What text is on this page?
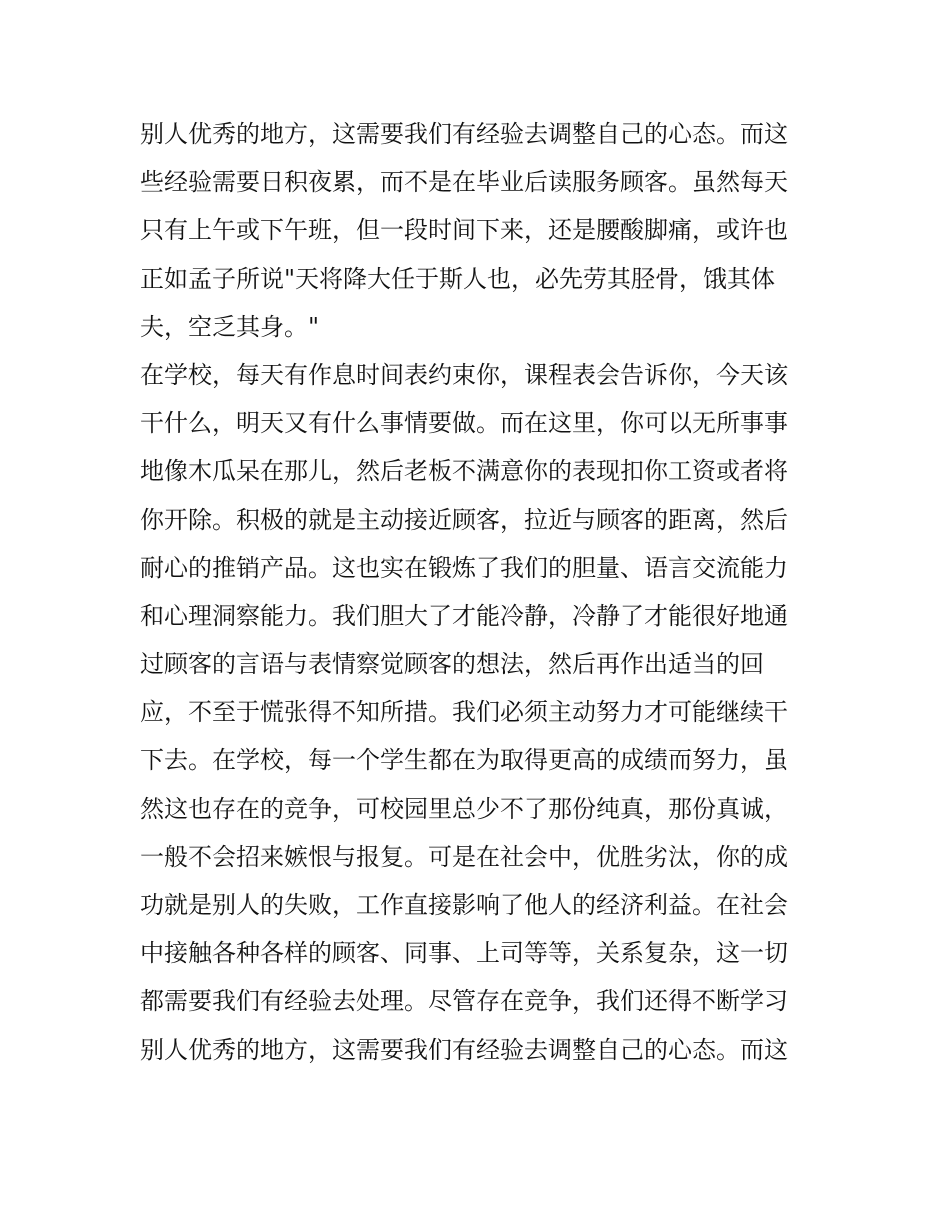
别人优秀的地方，这需要我们有经验去调整自己的心态。而这
些经验需要日积夜累，而不是在毕业后读服务顾客。虽然每天
只有上午或下午班，但一段时间下来，还是腰酸脚痛，或许也
正如孟子所说"天将降大任于斯人也，必先劳其胫骨，饿其体
夫，空乏其身。"
在学校，每天有作息时间表约束你，课程表会告诉你，今天该
干什么，明天又有什么事情要做。而在这里，你可以无所事事
地像木瓜呆在那儿，然后老板不满意你的表现扣你工资或者将
你开除。积极的就是主动接近顾客，拉近与顾客的距离，然后
耐心的推销产品。这也实在锻炼了我们的胆量、语言交流能力
和心理洞察能力。我们胆大了才能冷静，冷静了才能很好地通
过顾客的言语与表情察觉顾客的想法，然后再作出适当的回
应，不至于慌张得不知所措。我们必须主动努力才可能继续干
下去。在学校，每一个学生都在为取得更高的成绩而努力，虽
然这也存在的竞争，可校园里总少不了那份纯真，那份真诚，
一般不会招来嫉恨与报复。可是在社会中，优胜劣汰，你的成
功就是别人的失败，工作直接影响了他人的经济利益。在社会
中接触各种各样的顾客、同事、上司等等，关系复杂，这一切
都需要我们有经验去处理。尽管存在竞争，我们还得不断学习
别人优秀的地方，这需要我们有经验去调整自己的心态。而这
